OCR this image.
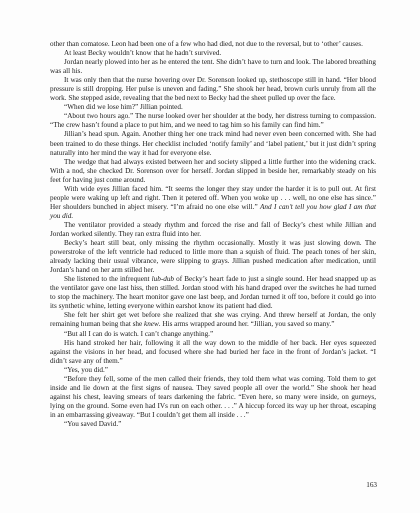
other than comatose. Leon had been one of a few who had died, not due to the reversal, but to ‘other’ causes.

At least Becky wouldn’t know that he hadn’t survived.

Jordan nearly plowed into her as he entered the tent. She didn’t have to turn and look. The labored breathing was all his.

It was only then that the nurse hovering over Dr. Sorenson looked up, stethoscope still in hand. “Her blood pressure is still dropping. Her pulse is uneven and fading.” She shook her head, brown curls unruly from all the work. She stepped aside, revealing that the bed next to Becky had the sheet pulled up over the face.

“When did we lose him?” Jillian pointed.

“About two hours ago.” The nurse looked over her shoulder at the body, her distress turning to compassion. “The crew hasn’t found a place to put him, and we need to tag him so his family can find him.”

Jillian’s head spun. Again. Another thing her one track mind had never even been concerned with. She had been trained to do these things. Her checklist included ‘notify family’ and ‘label patient,’ but it just didn’t spring naturally into her mind the way it had for everyone else.

The wedge that had always existed between her and society slipped a little further into the widening crack. With a nod, she checked Dr. Sorenson over for herself. Jordan slipped in beside her, remarkably steady on his feet for having just come around.

With wide eyes Jillian faced him. “It seems the longer they stay under the harder it is to pull out. At first people were waking up left and right. Then it petered off. When you woke up . . . well, no one else has since.” Her shoulders bunched in abject misery. “I’m afraid no one else will.” And I can’t tell you how glad I am that you did.

The ventilator provided a steady rhythm and forced the rise and fall of Becky’s chest while Jillian and Jordan worked silently. They ran extra fluid into her.

Becky’s heart still beat, only missing the rhythm occasionally. Mostly it was just slowing down. The powerstroke of the left ventricle had reduced to little more than a squish of fluid. The peach tones of her skin, already lacking their usual vibrance, were slipping to grays. Jillian pushed medication after medication, until Jordan’s hand on her arm stilled her.

She listened to the infrequent lub-dub of Becky’s heart fade to just a single sound. Her head snapped up as the ventilator gave one last hiss, then stilled. Jordan stood with his hand draped over the switches he had turned to stop the machinery. The heart monitor gave one last beep, and Jordan turned it off too, before it could go into its synthetic whine, letting everyone within earshot know its patient had died.

She felt her shirt get wet before she realized that she was crying. And threw herself at Jordan, the only remaining human being that she knew. His arms wrapped around her. “Jillian, you saved so many.”

“But all I can do is watch. I can’t change anything.”

His hand stroked her hair, following it all the way down to the middle of her back. Her eyes squeezed against the visions in her head, and focused where she had buried her face in the front of Jordan’s jacket. “I didn’t save any of them.”

“Yes, you did.”

“Before they fell, some of the men called their friends, they told them what was coming. Told them to get inside and lie down at the first signs of nausea. They saved people all over the world.” She shook her head against his chest, leaving smears of tears darkening the fabric. “Even here, so many were inside, on gurneys, lying on the ground. Some even had IVs run on each other. . . .” A hiccup forced its way up her throat, escaping in an embarrassing giveaway. “But I couldn’t get them all inside . . .”

“You saved David.”

163
